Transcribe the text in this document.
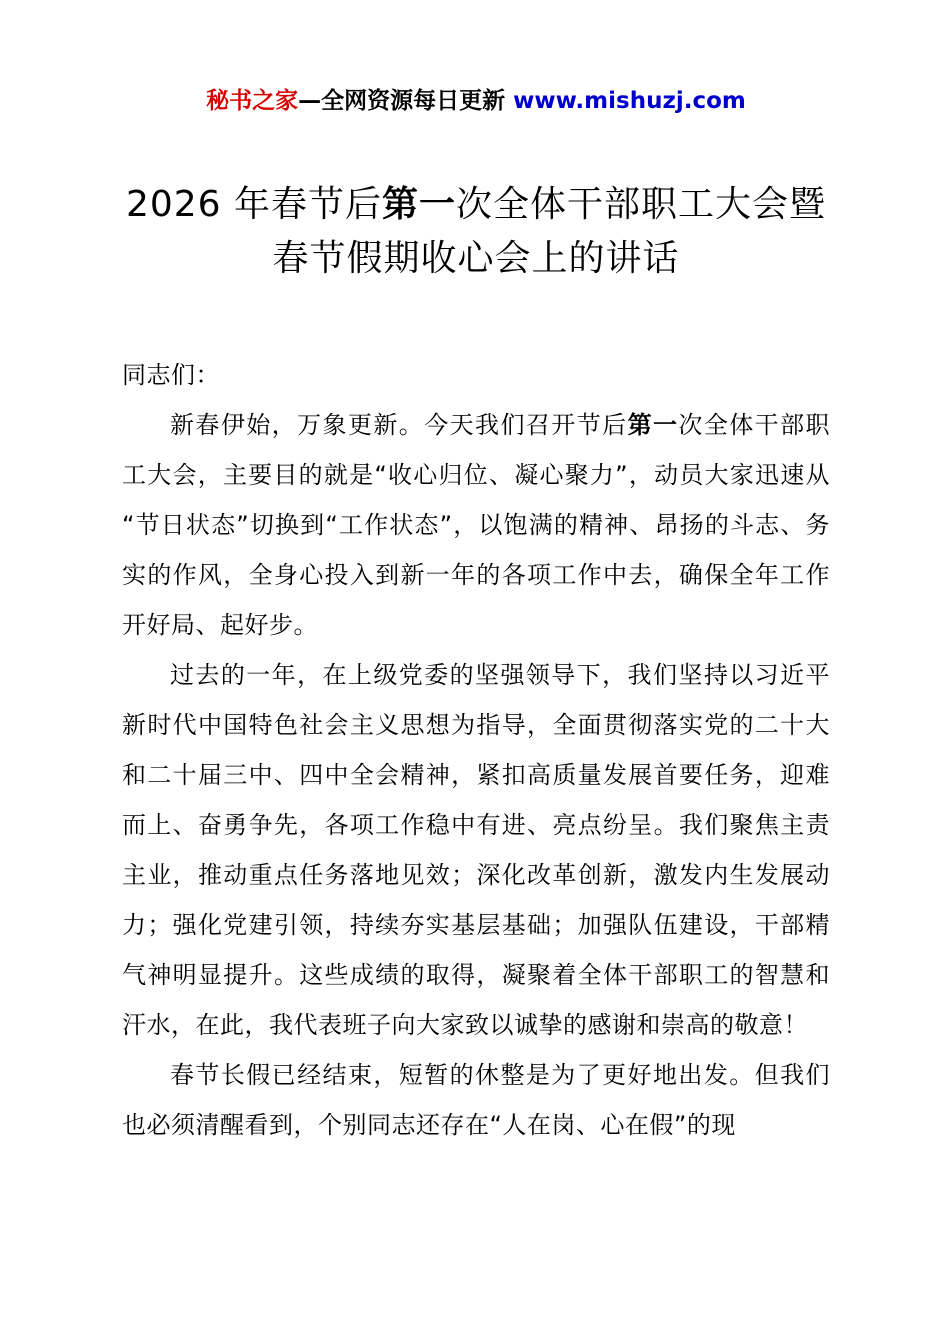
秘书之家—全网资源每日更新 www.mishuzj.com
2026 年春节后第一次全体干部职工大会暨
春节假期收心会上的讲话

同志们：

新春伊始，万象更新。今天我们召开节后第一次全体干部职工大会，主要目的就是“收心归位、凝心聚力”，动员大家迅速从“节日状态”切换到“工作状态”，以饱满的精神、昂扬的斗志、务实的作风，全身心投入到新一年的各项工作中去，确保全年工作开好局、起好步。

过去的一年，在上级党委的坚强领导下，我们坚持以习近平新时代中国特色社会主义思想为指导，全面贯彻落实党的二十大和二十届三中、四中全会精神，紧扣高质量发展首要任务，迎难而上、奋勇争先，各项工作稳中有进、亮点纷呈。我们聚焦主责主业，推动重点任务落地见效；深化改革创新，激发内生发展动力；强化党建引领，持续夯实基层基础；加强队伍建设，干部精气神明显提升。这些成绩的取得，凝聚着全体干部职工的智慧和汗水，在此，我代表班子向大家致以诚挚的感谢和崇高的敬意！

春节长假已经结束，短暂的休整是为了更好地出发。但我们也必须清醒看到，个别同志还存在“人在岗、心在假”的现
